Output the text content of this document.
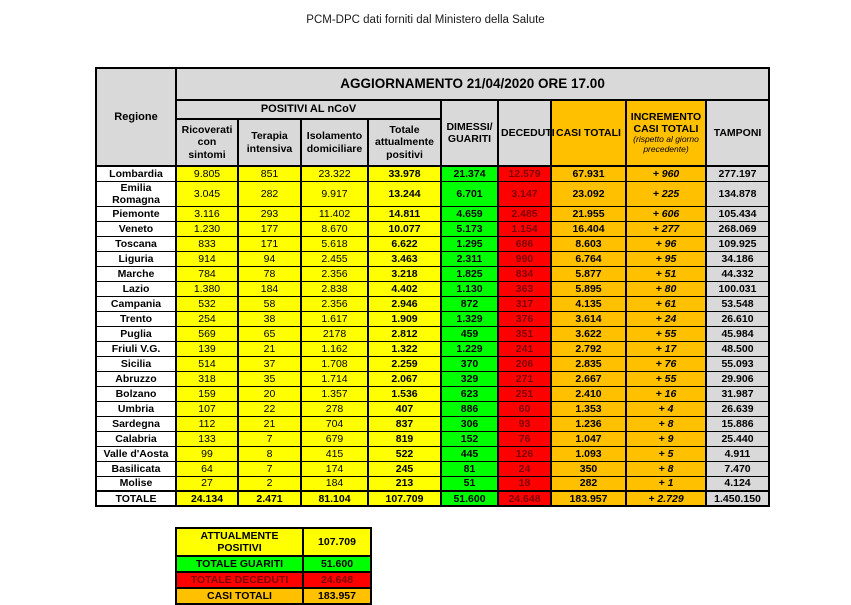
PCM-DPC dati forniti dal Ministero della Salute
Regione	AGGIORNAMENTO 21/04/2020 ORE 17.00								
	POSITIVI AL nCoV				DIMESSI/ GUARITI	DECEDUTI	CASI TOTALI	INCREMENTO CASI TOTALI
(rispetto al giorno precedente)	TAMPONI
	Ricoverati con sintomi	Terapia intensiva	Isolamento domiciliare	Totale attualmente positivi					
Lombardia	9.805	851	23.322	33.978	21.374	12.579	67.931	+ 960	277.197
Emilia Romagna	3.045	282	9.917	13.244	6.701	3.147	23.092	+ 225	134.878
Piemonte	3.116	293	11.402	14.811	4.659	2.485	21.955	+ 606	105.434
Veneto	1.230	177	8.670	10.077	5.173	1.154	16.404	+ 277	268.069
Toscana	833	171	5.618	6.622	1.295	686	8.603	+ 96	109.925
Liguria	914	94	2.455	3.463	2.311	990	6.764	+ 95	34.186
Marche	784	78	2.356	3.218	1.825	834	5.877	+ 51	44.332
Lazio	1.380	184	2.838	4.402	1.130	363	5.895	+ 80	100.031
Campania	532	58	2.356	2.946	872	317	4.135	+ 61	53.548
Trento	254	38	1.617	1.909	1.329	376	3.614	+ 24	26.610
Puglia	569	65	2178	2.812	459	351	3.622	+ 55	45.984
Friuli V.G.	139	21	1.162	1.322	1.229	241	2.792	+ 17	48.500
Sicilia	514	37	1.708	2.259	370	206	2.835	+ 76	55.093
Abruzzo	318	35	1.714	2.067	329	271	2.667	+ 55	29.906
Bolzano	159	20	1.357	1.536	623	251	2.410	+ 16	31.987
Umbria	107	22	278	407	886	60	1.353	+ 4	26.639
Sardegna	112	21	704	837	306	93	1.236	+ 8	15.886
Calabria	133	7	679	819	152	76	1.047	+ 9	25.440
Valle d'Aosta	99	8	415	522	445	126	1.093	+ 5	4.911
Basilicata	64	7	174	245	81	24	350	+ 8	7.470
Molise	27	2	184	213	51	18	282	+ 1	4.124
TOTALE	24.134	2.471	81.104	107.709	51.600	24.648	183.957	+ 2.729	1.450.150
ATTUALMENTE POSITIVI	107.709
TOTALE GUARITI	51.600
TOTALE DECEDUTI	24.648
CASI TOTALI	183.957
